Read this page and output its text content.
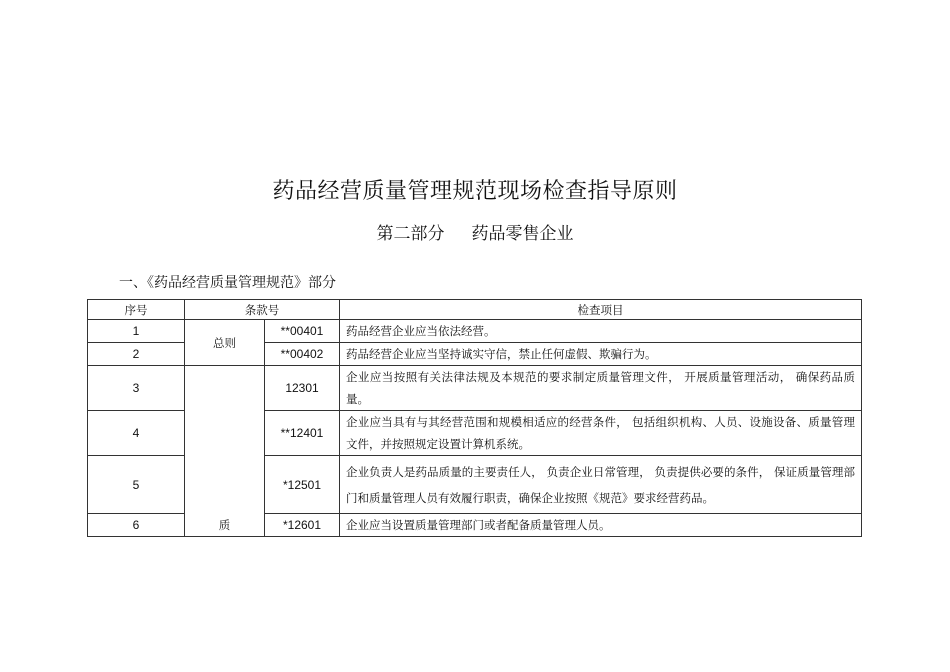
药品经营质量管理规范现场检查指导原则
第二部分     药品零售企业
一、《药品经营质量管理规范》部分
序号	条款号		检查项目
1	总则	**00401	药品经营企业应当依法经营。
2		**00402	药品经营企业应当坚持诚实守信，禁止任何虚假、欺骗行为。
3	质	12301	企业应当按照有关法律法规及本规范的要求制定质量管理文件， 开展质量管理活动， 确保药品质量。
4		**12401	企业应当具有与其经营范围和规模相适应的经营条件， 包括组织机构、人员、设施设备、质量管理文件，并按照规定设置计算机系统。
5		*12501	企业负责人是药品质量的主要责任人， 负责企业日常管理， 负责提供必要的条件， 保证质量管理部门和质量管理人员有效履行职责，确保企业按照《规范》要求经营药品。
6		*12601	企业应当设置质量管理部门或者配备质量管理人员。
